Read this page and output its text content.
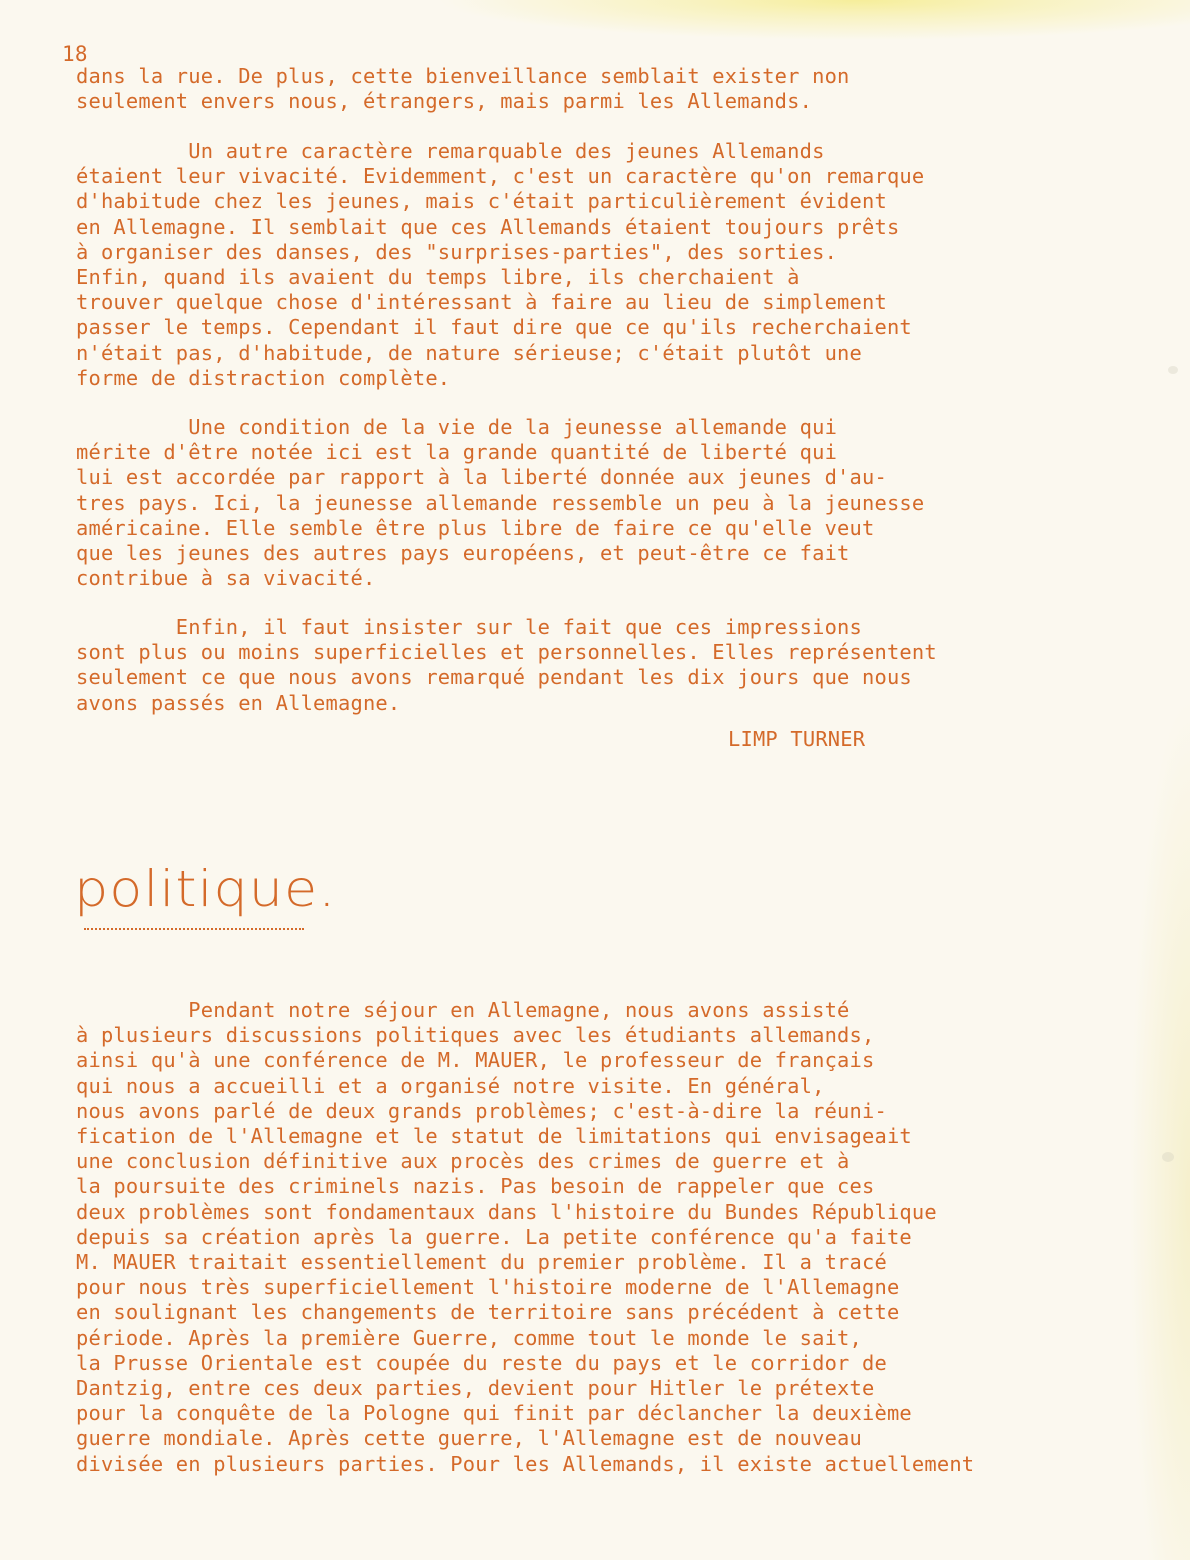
18

dans la rue. De plus, cette bienveillance semblait exister non
seulement envers nous, étrangers, mais parmi les Allemands.

Un autre caractère remarquable des jeunes Allemands
étaient leur vivacité. Evidemment, c'est un caractère qu'on remarque
d'habitude chez les jeunes, mais c'était particulièrement évident
en Allemagne. Il semblait que ces Allemands étaient toujours prêts
à organiser des danses, des "surprises-parties", des sorties.
Enfin, quand ils avaient du temps libre, ils cherchaient à
trouver quelque chose d'intéressant à faire au lieu de simplement
passer le temps. Cependant il faut dire que ce qu'ils recherchaient
n'était pas, d'habitude, de nature sérieuse; c'était plutôt une
forme de distraction complète.

Une condition de la vie de la jeunesse allemande qui
mérite d'être notée ici est la grande quantité de liberté qui
lui est accordée par rapport à la liberté donnée aux jeunes d'au-
tres pays. Ici, la jeunesse allemande ressemble un peu à la jeunesse
américaine. Elle semble être plus libre de faire ce qu'elle veut
que les jeunes des autres pays européens, et peut-être ce fait
contribue à sa vivacité.

Enfin, il faut insister sur le fait que ces impressions
sont plus ou moins superficielles et personnelles. Elles représentent
seulement ce que nous avons remarqué pendant les dix jours que nous
avons passés en Allemagne.

LIMP TURNER
politique.

Pendant notre séjour en Allemagne, nous avons assisté
à plusieurs discussions politiques avec les étudiants allemands,
ainsi qu'à une conférence de M. MAUER, le professeur de français
qui nous a accueilli et a organisé notre visite. En général,
nous avons parlé de deux grands problèmes; c'est-à-dire la réuni-
fication de l'Allemagne et le statut de limitations qui envisageait
une conclusion définitive aux procès des crimes de guerre et à
la poursuite des criminels nazis. Pas besoin de rappeler que ces
deux problèmes sont fondamentaux dans l'histoire du Bundes République
depuis sa création après la guerre. La petite conférence qu'a faite
M. MAUER traitait essentiellement du premier problème. Il a tracé
pour nous très superficiellement l'histoire moderne de l'Allemagne
en soulignant les changements de territoire sans précédent à cette
période. Après la première Guerre, comme tout le monde le sait,
la Prusse Orientale est coupée du reste du pays et le corridor de
Dantzig, entre ces deux parties, devient pour Hitler le prétexte
pour la conquête de la Pologne qui finit par déclancher la deuxième
guerre mondiale. Après cette guerre, l'Allemagne est de nouveau
divisée en plusieurs parties. Pour les Allemands, il existe actuellement
